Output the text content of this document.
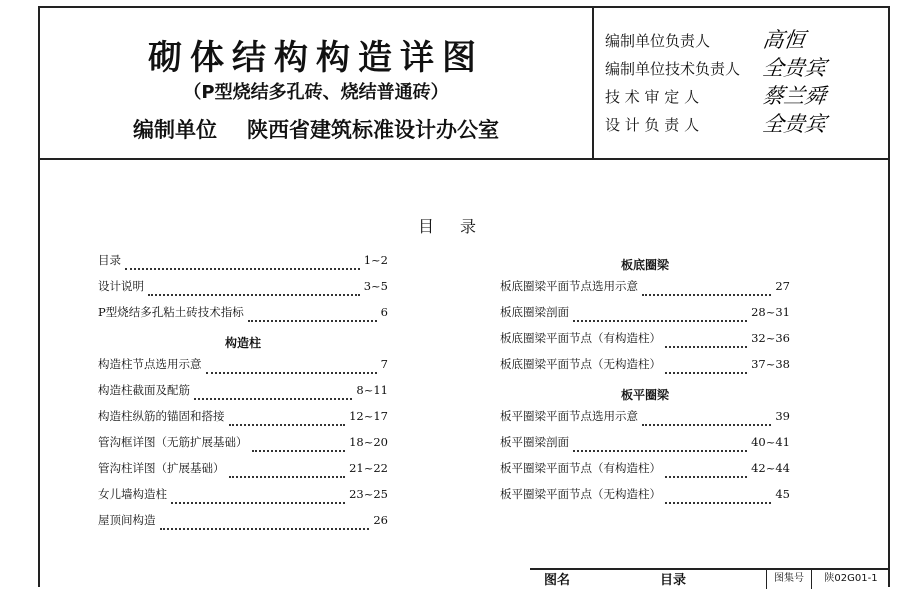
砌体结构构造详图
（P型烧结多孔砖、烧结普通砖）
编制单位 陕西省建筑标准设计办公室
编制单位负责人	高恒
编制单位技术负责人	全贵宾
技 术 审 定 人	蔡兰舜
设 计 负 责 人	全贵宾
目录
目录	1~2
设计说明	3~5
P型烧结多孔粘土砖技术指标	6
构造柱
构造柱节点选用示意	7
构造柱截面及配筋	8~11
构造柱纵筋的锚固和搭接	12~17
管沟框详图（无筋扩展基础）	18~20
管沟柱详图（扩展基础）	21~22
女儿墙构造柱	23~25
屋顶间构造	26
板底圈梁
板底圈梁平面节点选用示意	27
板底圈梁剖面	28~31
板底圈梁平面节点（有构造柱）	32~36
板底圈梁平面节点（无构造柱）	37~38
板平圈梁
板平圈梁平面节点选用示意	39
板平圈梁剖面	40~41
板平圈梁平面节点（有构造柱）	42~44
板平圈梁平面节点（无构造柱）	45
图名	目录	图集号	陕02G01-1
